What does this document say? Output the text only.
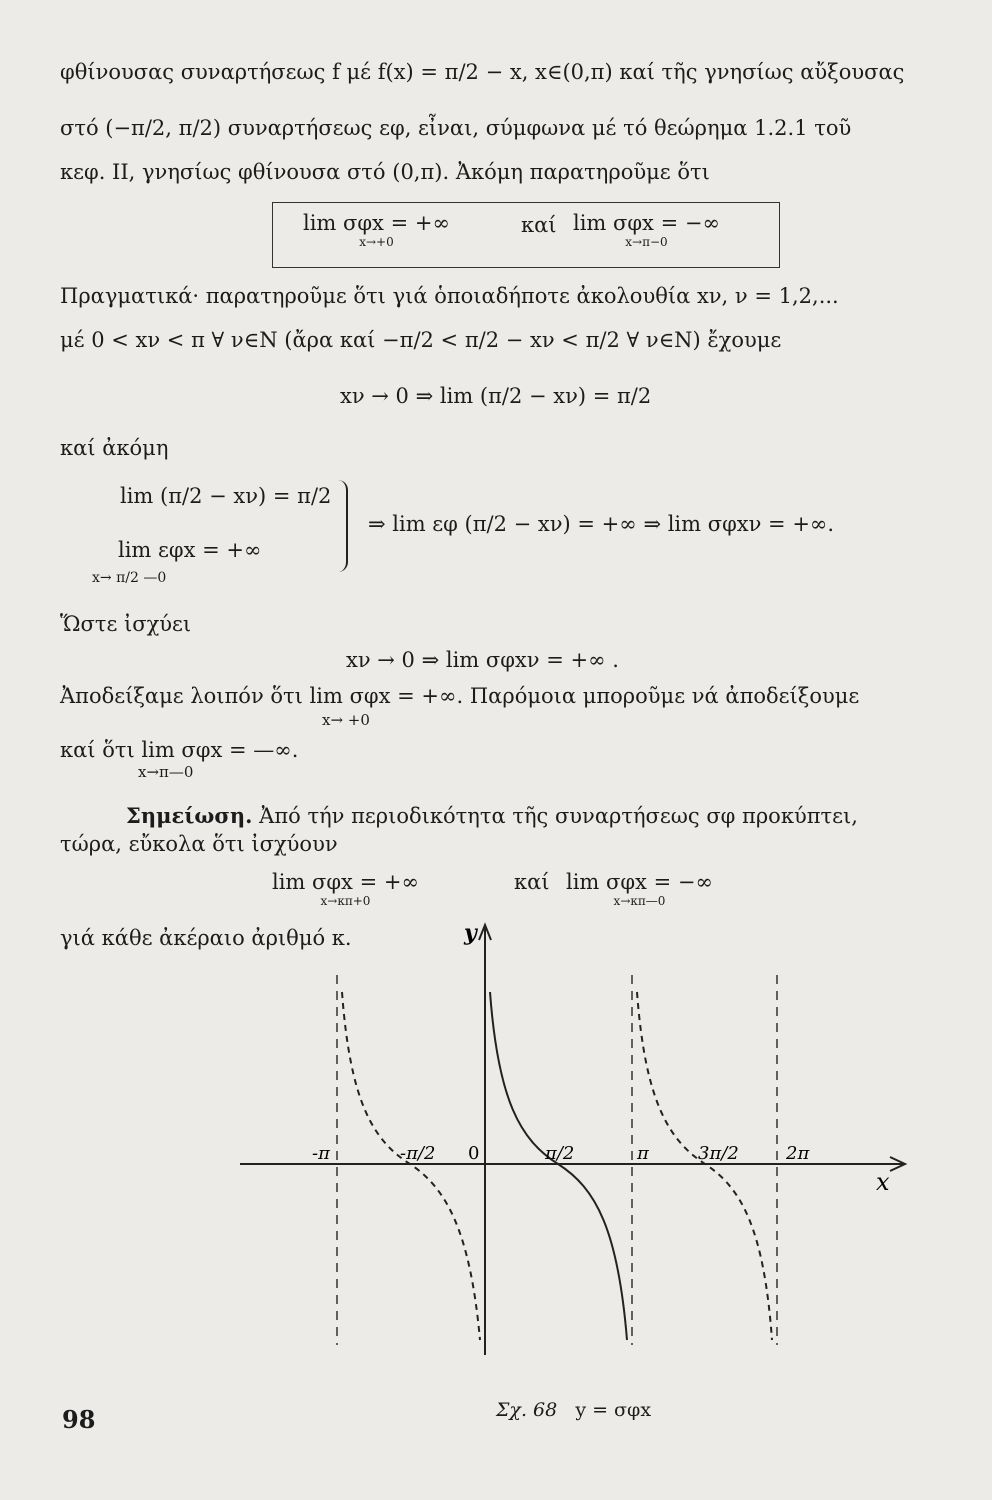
φθίνουσας συναρτήσεως f μέ f(x) = π/2 − x, x∈(0,π) καί τῆς γνησίως αὔξουσας
στό (−π/2, π/2) συναρτήσεως εφ, εἶναι, σύμφωνα μέ τό θεώρημα 1.2.1 τοῦ
κεφ. II, γνησίως φθίνουσα στό (0,π). Ἀκόμη παρατηροῦμε ὅτι
lim σφx = +∞
x→+0
καί lim σφx = −∞
x→π−0
Πραγματικά· παρατηροῦμε ὅτι γιά ὁποιαδήποτε ἀκολουθία xν, ν = 1,2,...
μέ 0 < xν < π ∀ ν∈N (ἄρα καί −π/2 < π/2 − xν < π/2 ∀ ν∈N) ἔχουμε
xν → 0 ⇒ lim (π/2 − xν) = π/2
καί ἀκόμη
lim (π/2 − xν) = π/2
lim εφx = +∞
x→ π/2 —0
⇒ lim εφ (π/2 − xν) = +∞ ⇒ lim σφxν = +∞.
Ὥστε ἰσχύει
xν → 0 ⇒ lim σφxν = +∞ .
Ἀποδείξαμε λοιπόν ὅτι lim σφx = +∞. Παρόμοια μποροῦμε νά ἀποδείξουμε
x→ +0
καί ὅτι lim σφx = —∞.
x→π—0
Σημείωση. Ἀπό τήν περιοδικότητα τῆς συναρτήσεως σφ προκύπτει,
τώρα, εὔκολα ὅτι ἰσχύουν
lim σφx = +∞
x→κπ+0
καί lim σφx = −∞
x→κπ—0
γιά κάθε ἀκέραιο ἀριθμό κ.	y
x
-π	-π/2 0	π/2	π	3π/2	2π
Σχ. 68 y = σφx
98
